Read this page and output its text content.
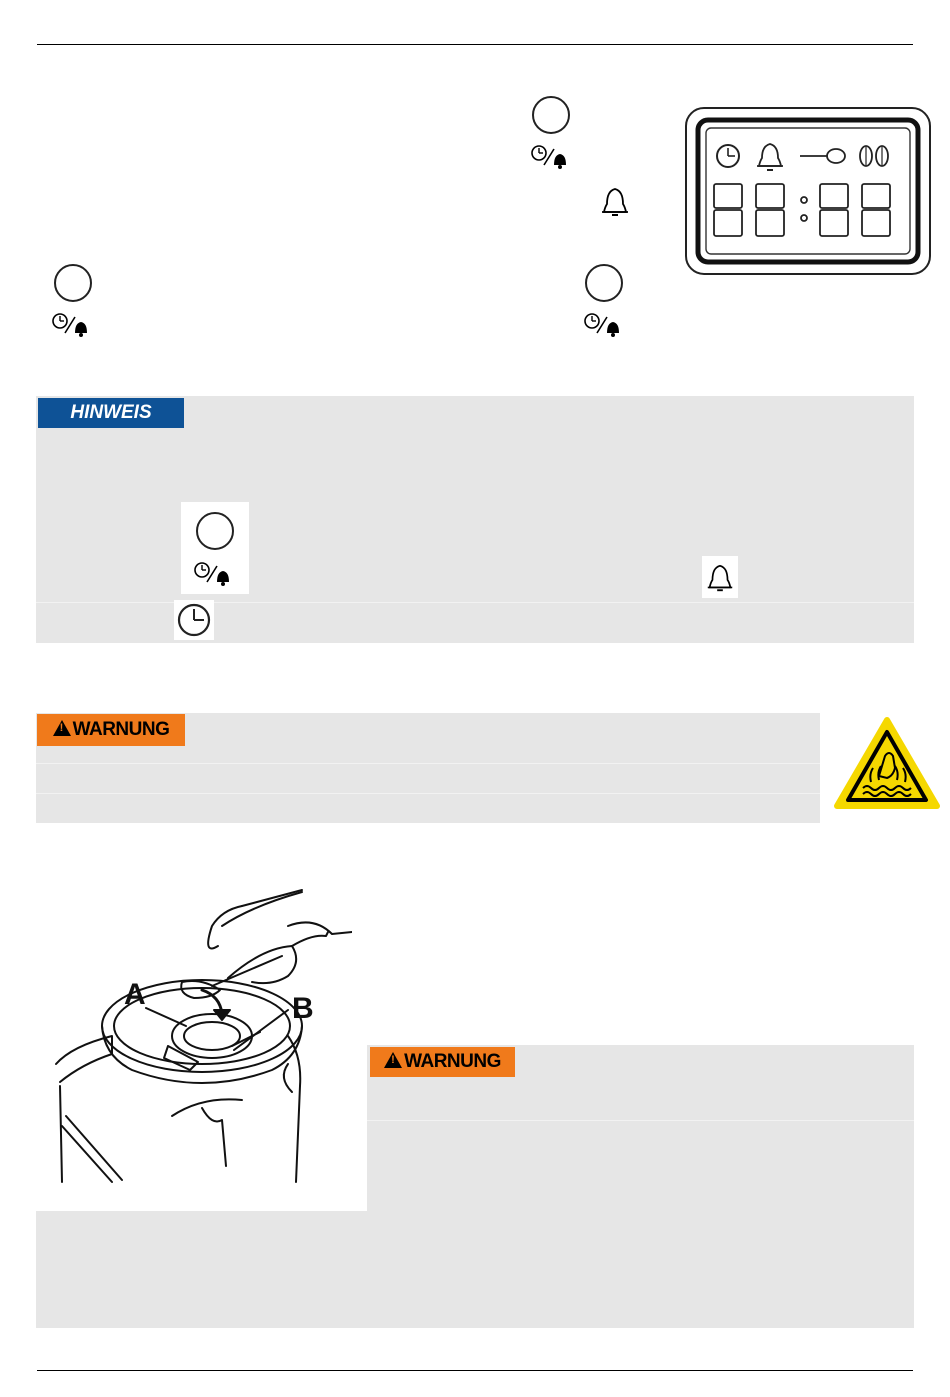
HINWEIS
!WARNUNG
A	B
!WARNUNG
